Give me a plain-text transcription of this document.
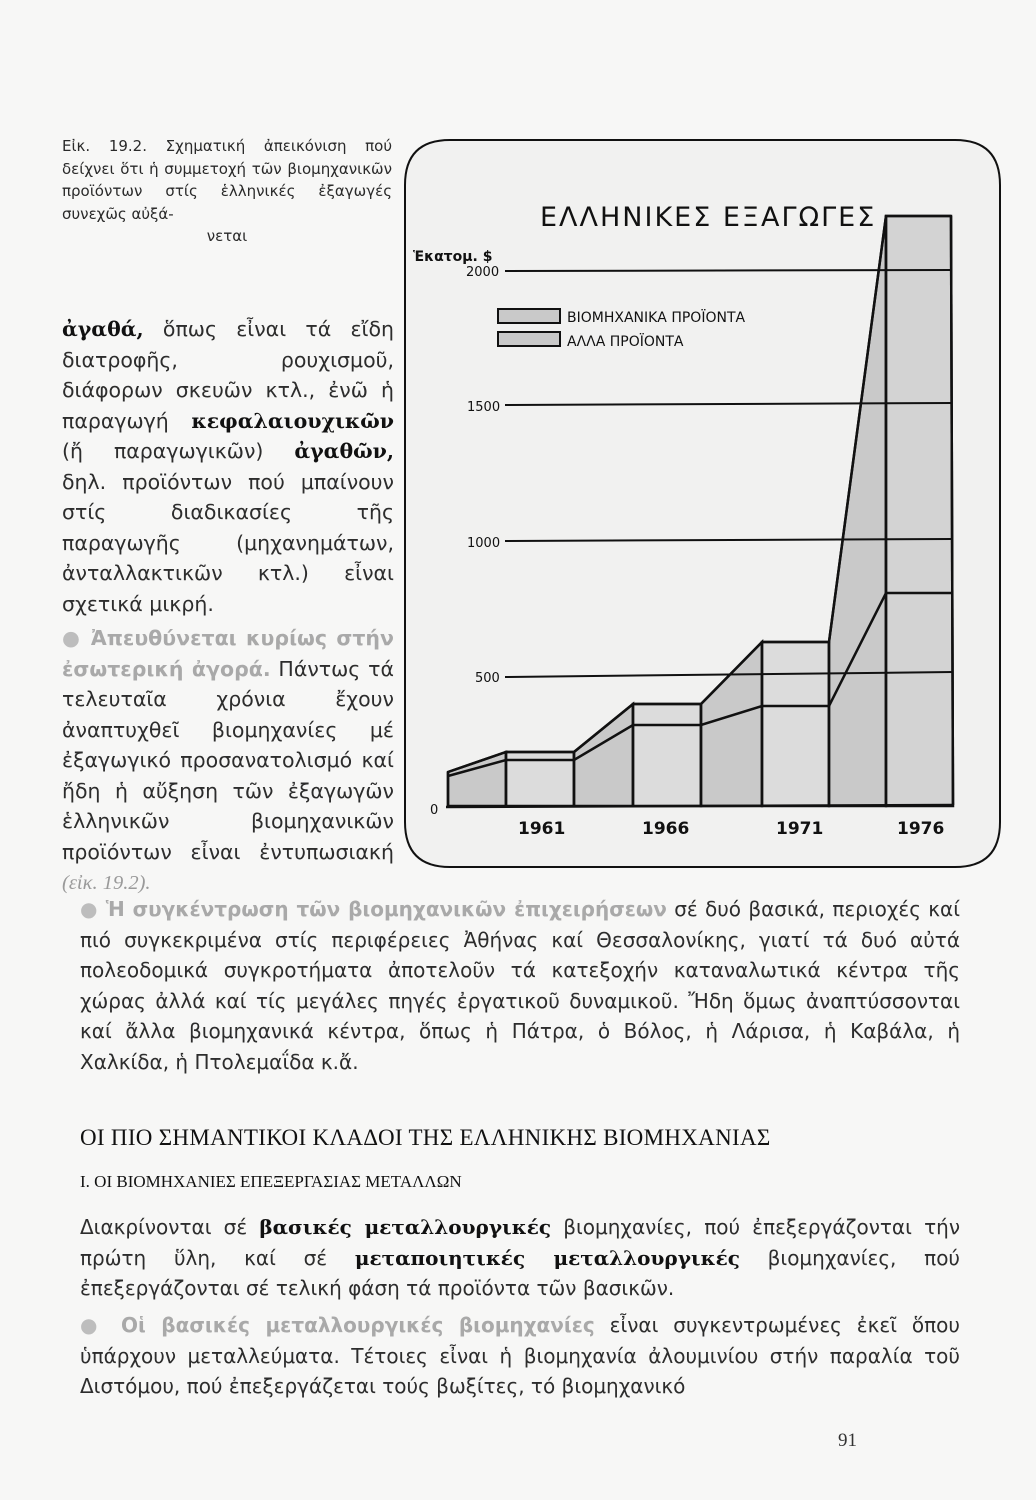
Εἰκ. 19.2. Σχηματική ἀπεικόνιση πού δείχνει ὅτι ἡ συμμετοχή τῶν βιομηχανικῶν προϊόντων στίς ἑλληνικές ἐξαγωγές συνεχῶς αὐξά-
νεται
ΕΛΛΗΝΙΚΕΣ ΕΞΑΓΩΓΕΣ
Ἑκατομ. $
2000
1500
1000
500
0
1961	1966	1971	1976
ΒΙΟΜΗΧΑΝΙΚΑ ΠΡΟΪΟΝΤΑ
ΑΛΛΑ ΠΡΟΪΟΝΤΑ
ἀγαθά, ὅπως εἶναι τά εἴδη διατροφῆς, ρουχισμοῦ, διάφορων σκευῶν κτλ., ἐνῶ ἡ παραγωγή κεφαλαιουχικῶν (ἤ παραγωγικῶν) ἀγαθῶν, δηλ. προϊόντων πού μπαίνουν στίς διαδικασίες τῆς παραγωγῆς (μηχανημάτων, ἀνταλλακτικῶν κτλ.) εἶναι σχετικά μικρή.
● Ἀπευθύνεται κυρίως στήν ἐσωτερική ἀγορά. Πάντως τά τελευταῖα χρόνια ἔχουν ἀναπτυχθεῖ βιομηχανίες μέ ἐξαγωγικό προσανατολισμό καί ἤδη ἡ αὔξηση τῶν ἐξαγωγῶν ἑλληνικῶν βιομηχανικῶν προϊόντων εἶναι ἐντυπωσιακή (εἰκ. 19.2).
● Ἡ συγκέντρωση τῶν βιομηχανικῶν ἐπιχειρήσεων σέ δυό βασικά, περιοχές καί πιό συγκεκριμένα στίς περιφέρειες Ἀθήνας καί Θεσσαλονίκης, γιατί τά δυό αὐτά πολεοδομικά συγκροτήματα ἀποτελοῦν τά κατεξοχήν καταναλωτικά κέντρα τῆς χώρας ἀλλά καί τίς μεγάλες πηγές ἐργατικοῦ δυναμικοῦ. Ἤδη ὅμως ἀναπτύσσονται καί ἄλλα βιομηχανικά κέντρα, ὅπως ἡ Πάτρα, ὁ Βόλος, ἡ Λάρισα, ἡ Καβάλα, ἡ Χαλκίδα, ἡ Πτολεμαΐδα κ.ἄ.
ΟΙ ΠΙΟ ΣΗΜΑΝΤΙΚΟΙ ΚΛΑΔΟΙ ΤΗΣ ΕΛΛΗΝΙΚΗΣ ΒΙΟΜΗΧΑΝΙΑΣ
I. ΟΙ ΒΙΟΜΗΧΑΝΙΕΣ ΕΠΕΞΕΡΓΑΣΙΑΣ ΜΕΤΑΛΛΩΝ
Διακρίνονται σέ βασικές μεταλλουργικές βιομηχανίες, πού ἐπεξεργάζονται τήν πρώτη ὕλη, καί σέ μεταποιητικές μεταλλουργικές βιομηχανίες, πού ἐπεξεργάζονται σέ τελική φάση τά προϊόντα τῶν βασικῶν.
● Οἱ βασικές μεταλλουργικές βιομηχανίες εἶναι συγκεντρωμένες ἐκεῖ ὅπου ὑπάρχουν μεταλλεύματα. Τέτοιες εἶναι ἡ βιομηχανία ἀλουμινίου στήν παραλία τοῦ Διστόμου, πού ἐπεξεργάζεται τούς βωξίτες, τό βιομηχανικό
91
